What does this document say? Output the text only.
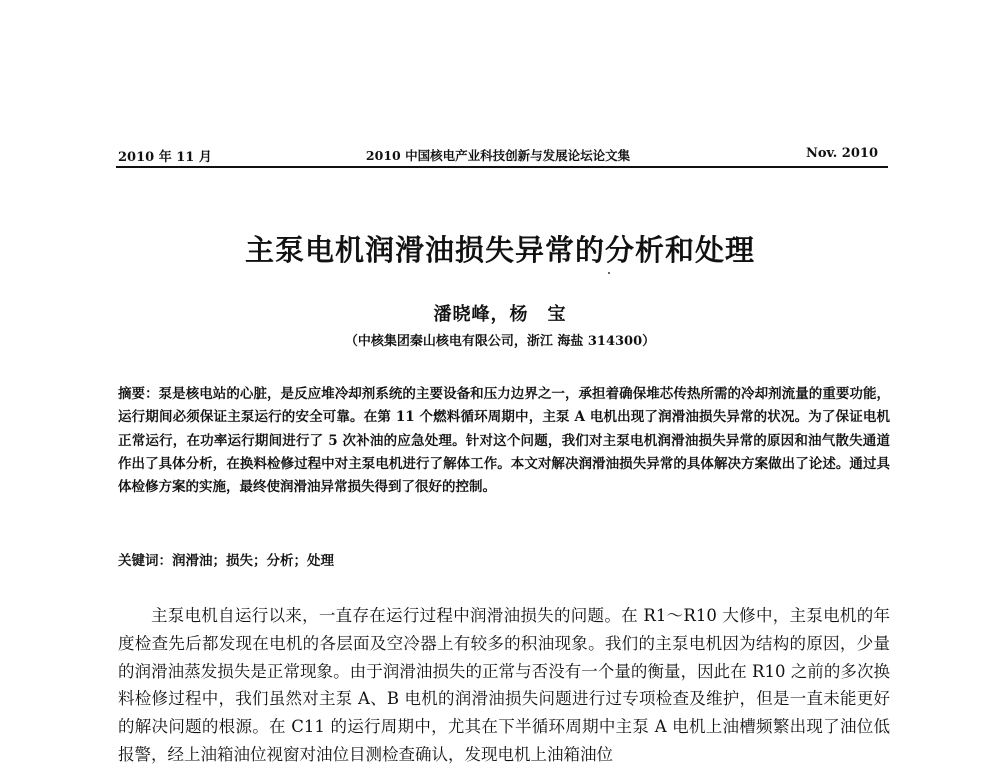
2010 年 11 月	2010 中国核电产业科技创新与发展论坛论文集	Nov. 2010
主泵电机润滑油损失异常的分析和处理
潘晓峰，杨　宝
（中核集团秦山核电有限公司，浙江 海盐 314300）
摘要：泵是核电站的心脏，是反应堆冷却剂系统的主要设备和压力边界之一，承担着确保堆芯传热所需的冷却剂流量的重要功能，运行期间必须保证主泵运行的安全可靠。在第 11 个燃料循环周期中，主泵 A 电机出现了润滑油损失异常的状况。为了保证电机正常运行，在功率运行期间进行了 5 次补油的应急处理。针对这个问题，我们对主泵电机润滑油损失异常的原因和油气散失通道作出了具体分析，在换料检修过程中对主泵电机进行了解体工作。本文对解决润滑油损失异常的具体解决方案做出了论述。通过具体检修方案的实施，最终使润滑油异常损失得到了很好的控制。
关键词：润滑油；损失；分析；处理
主泵电机自运行以来，一直存在运行过程中润滑油损失的问题。在 R1～R10 大修中，主泵电机的年度检查先后都发现在电机的各层面及空冷器上有较多的积油现象。我们的主泵电机因为结构的原因，少量的润滑油蒸发损失是正常现象。由于润滑油损失的正常与否没有一个量的衡量，因此在 R10 之前的多次换料检修过程中，我们虽然对主泵 A、B 电机的润滑油损失问题进行过专项检查及维护，但是一直未能更好的解决问题的根源。在 C11 的运行周期中，尤其在下半循环周期中主泵 A 电机上油槽频繁出现了油位低报警，经上油箱油位视窗对油位目测检查确认，发现电机上油箱油位
